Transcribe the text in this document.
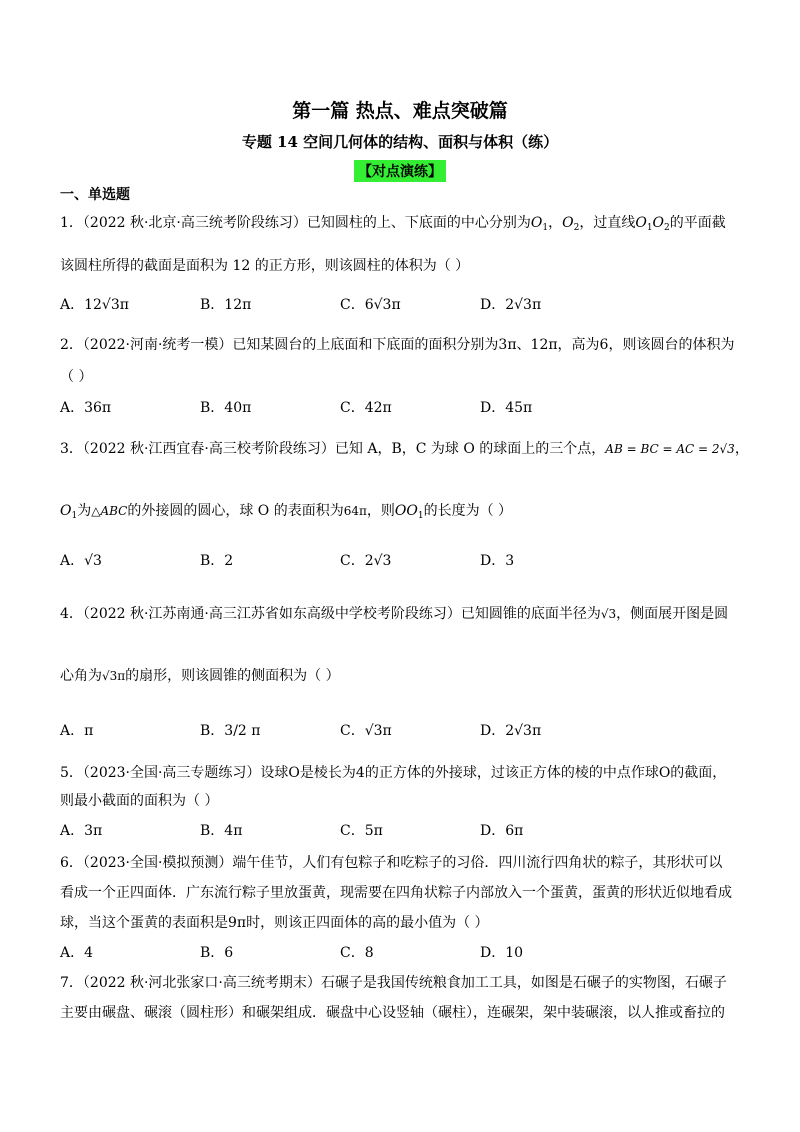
第一篇 热点、难点突破篇
专题 14 空间几何体的结构、面积与体积（练）
【对点演练】
一、单选题
1．（2022 秋·北京·高三统考阶段练习）已知圆柱的上、下底面的中心分别为$O_1$，$O_2$，过直线$O_1O_2$的平面截
该圆柱所得的截面是面积为 12 的正方形，则该圆柱的体积为（ ）
A．12√3π	B．12π	C．6√3π	D．2√3π
2．（2022·河南·统考一模）已知某圆台的上底面和下底面的面积分别为3π、12π，高为6，则该圆台的体积为
（ ）
A．36π	B．40π	C．42π	D．45π
3．（2022 秋·江西宜春·高三校考阶段练习）已知 A，B，C 为球 O 的球面上的三个点，AB = BC = AC = 2√3，
$O_1$为△ABC的外接圆的圆心，球 O 的表面积为64π，则$OO_1$的长度为（ ）
A．√3	B．2	C．2√3	D．3
4．（2022 秋·江苏南通·高三江苏省如东高级中学校考阶段练习）已知圆锥的底面半径为√3，侧面展开图是圆
心角为√3π的扇形，则该圆锥的侧面积为（ ）
A．π	B．3/2 π	C．√3π	D．2√3π
5．（2023·全国·高三专题练习）设球O是棱长为4的正方体的外接球，过该正方体的棱的中点作球O的截面，
则最小截面的面积为（ ）
A．3π	B．4π	C．5π	D．6π
6．（2023·全国·模拟预测）端午佳节，人们有包粽子和吃粽子的习俗．四川流行四角状的粽子，其形状可以
看成一个正四面体．广东流行粽子里放蛋黄，现需要在四角状粽子内部放入一个蛋黄，蛋黄的形状近似地看成
球，当这个蛋黄的表面积是9π时，则该正四面体的高的最小值为（ ）
A．4	B．6	C．8	D．10
7．（2022 秋·河北张家口·高三统考期末）石碾子是我国传统粮食加工工具，如图是石碾子的实物图，石碾子
主要由碾盘、碾滚（圆柱形）和碾架组成．碾盘中心设竖轴（碾柱），连碾架，架中装碾滚，以人推或畜拉的
